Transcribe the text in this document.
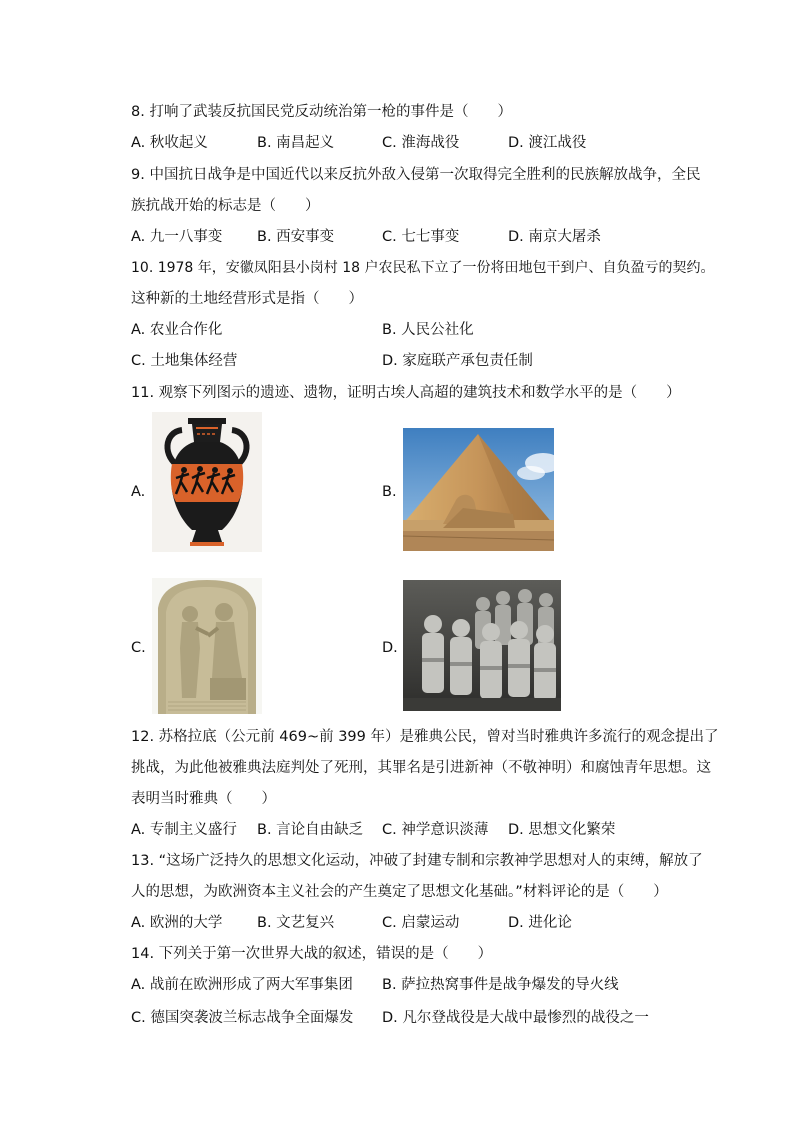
8. 打响了武装反抗国民党反动统治第一枪的事件是（　　）
A. 秋收起义	B. 南昌起义	C. 淮海战役	D. 渡江战役
9. 中国抗日战争是中国近代以来反抗外敌入侵第一次取得完全胜利的民族解放战争，全民
族抗战开始的标志是（　　）
A. 九一八事变 B. 西安事变	C. 七七事变	D. 南京大屠杀
10. 1978 年，安徽凤阳县小岗村 18 户农民私下立了一份将田地包干到户、自负盈亏的契约。
这种新的土地经营形式是指（　　）
A. 农业合作化	B. 人民公社化
C. 土地集体经营	D. 家庭联产承包责任制
11. 观察下列图示的遗迹、遗物，证明古埃人高超的建筑技术和数学水平的是（　　）
A.	B.
C.	D.
12. 苏格拉底（公元前 469~前 399 年）是雅典公民，曾对当时雅典许多流行的观念提出了
挑战，为此他被雅典法庭判处了死刑，其罪名是引进新神（不敬神明）和腐蚀青年思想。这
表明当时雅典（　　）
A. 专制主义盛行 B. 言论自由缺乏 C. 神学意识淡薄 D. 思想文化繁荣
13. “这场广泛持久的思想文化运动，冲破了封建专制和宗教神学思想对人的束缚，解放了
人的思想，为欧洲资本主义社会的产生奠定了思想文化基础。”材料评论的是（　　）
A. 欧洲的大学 B. 文艺复兴	C. 启蒙运动	D. 进化论
14. 下列关于第一次世界大战的叙述，错误的是（　　）
A. 战前在欧洲形成了两大军事集团 B. 萨拉热窝事件是战争爆发的导火线
C. 德国突袭波兰标志战争全面爆发 D. 凡尔登战役是大战中最惨烈的战役之一
